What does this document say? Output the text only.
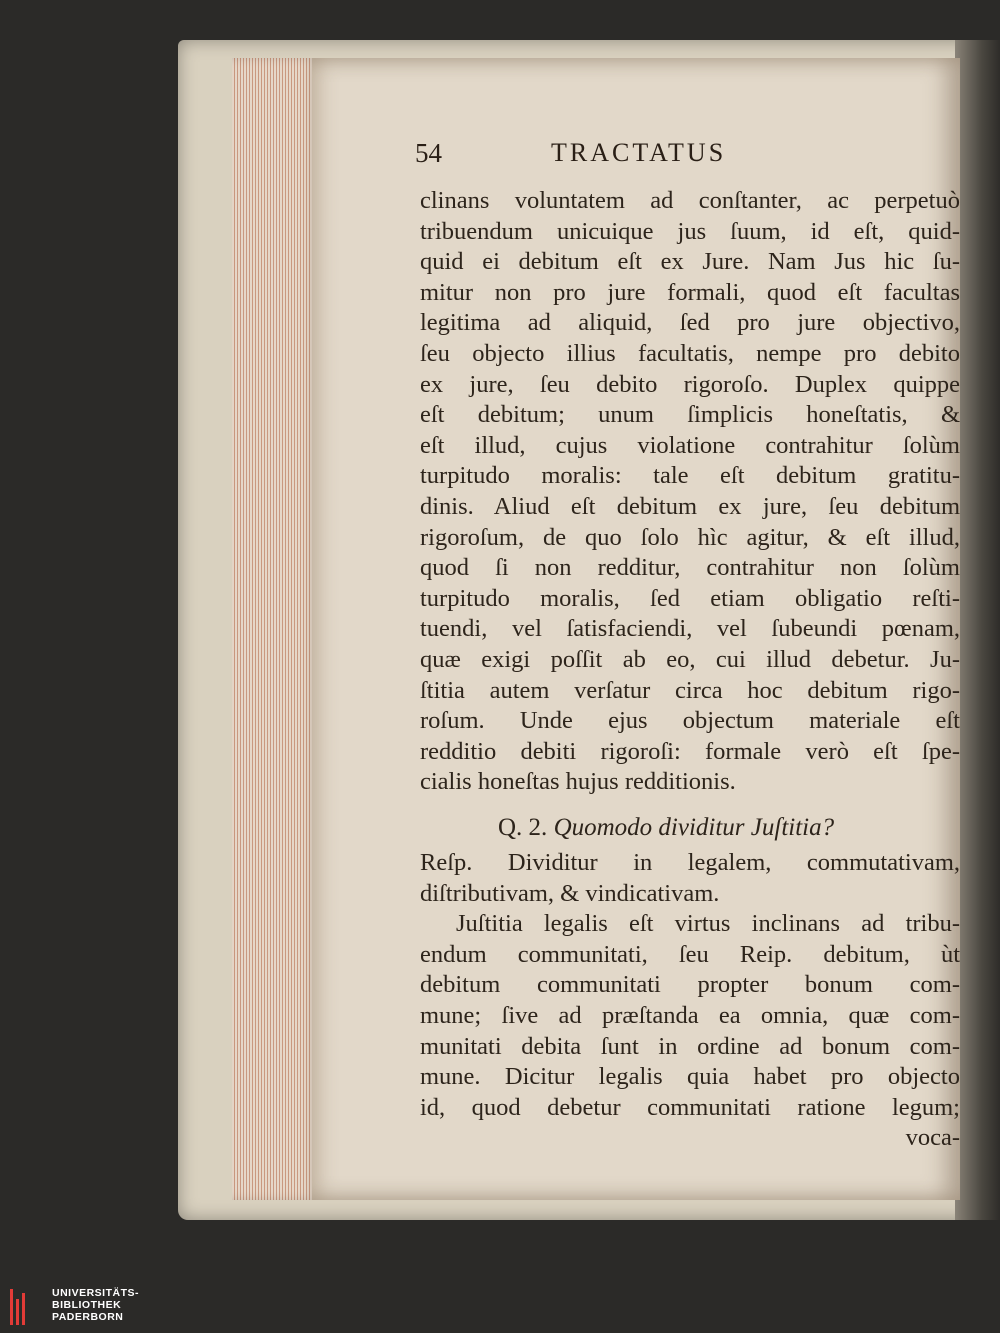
54	TRACTATUS
clinans voluntatem ad conſtanter, ac perpetuò
tribuendum unicuique jus ſuum, id eſt, quid-
quid ei debitum eſt ex Jure. Nam Jus hic ſu-
mitur non pro jure formali, quod eſt facultas
legitima ad aliquid, ſed pro jure objectivo,
ſeu objecto illius facultatis, nempe pro debito
ex jure, ſeu debito rigoroſo. Duplex quippe
eſt debitum; unum ſimplicis honeſtatis, &
eſt illud, cujus violatione contrahitur ſolùm
turpitudo moralis: tale eſt debitum gratitu-
dinis. Aliud eſt debitum ex jure, ſeu debitum
rigoroſum, de quo ſolo hìc agitur, & eſt illud,
quod ſi non redditur, contrahitur non ſolùm
turpitudo moralis, ſed etiam obligatio reſti-
tuendi, vel ſatisfaciendi, vel ſubeundi pœnam,
quæ exigi poſſit ab eo, cui illud debetur. Ju-
ſtitia autem verſatur circa hoc debitum rigo-
roſum. Unde ejus objectum materiale eſt
redditio debiti rigoroſi: formale verò eſt ſpe-
cialis honeſtas hujus redditionis.
Q. 2. Quomodo dividitur Juſtitia?
Reſp. Dividitur in legalem, commutativam,
diſtributivam, & vindicativam.
Juſtitia legalis eſt virtus inclinans ad tribu-
endum communitati, ſeu Reip. debitum, ùt
debitum communitati propter bonum com-
mune; ſive ad præſtanda ea omnia, quæ com-
munitati debita ſunt in ordine ad bonum com-
mune. Dicitur legalis quia habet pro objecto
id, quod debetur communitati ratione legum;
voca-
UNIVERSITÄTS-
BIBLIOTHEK
PADERBORN
